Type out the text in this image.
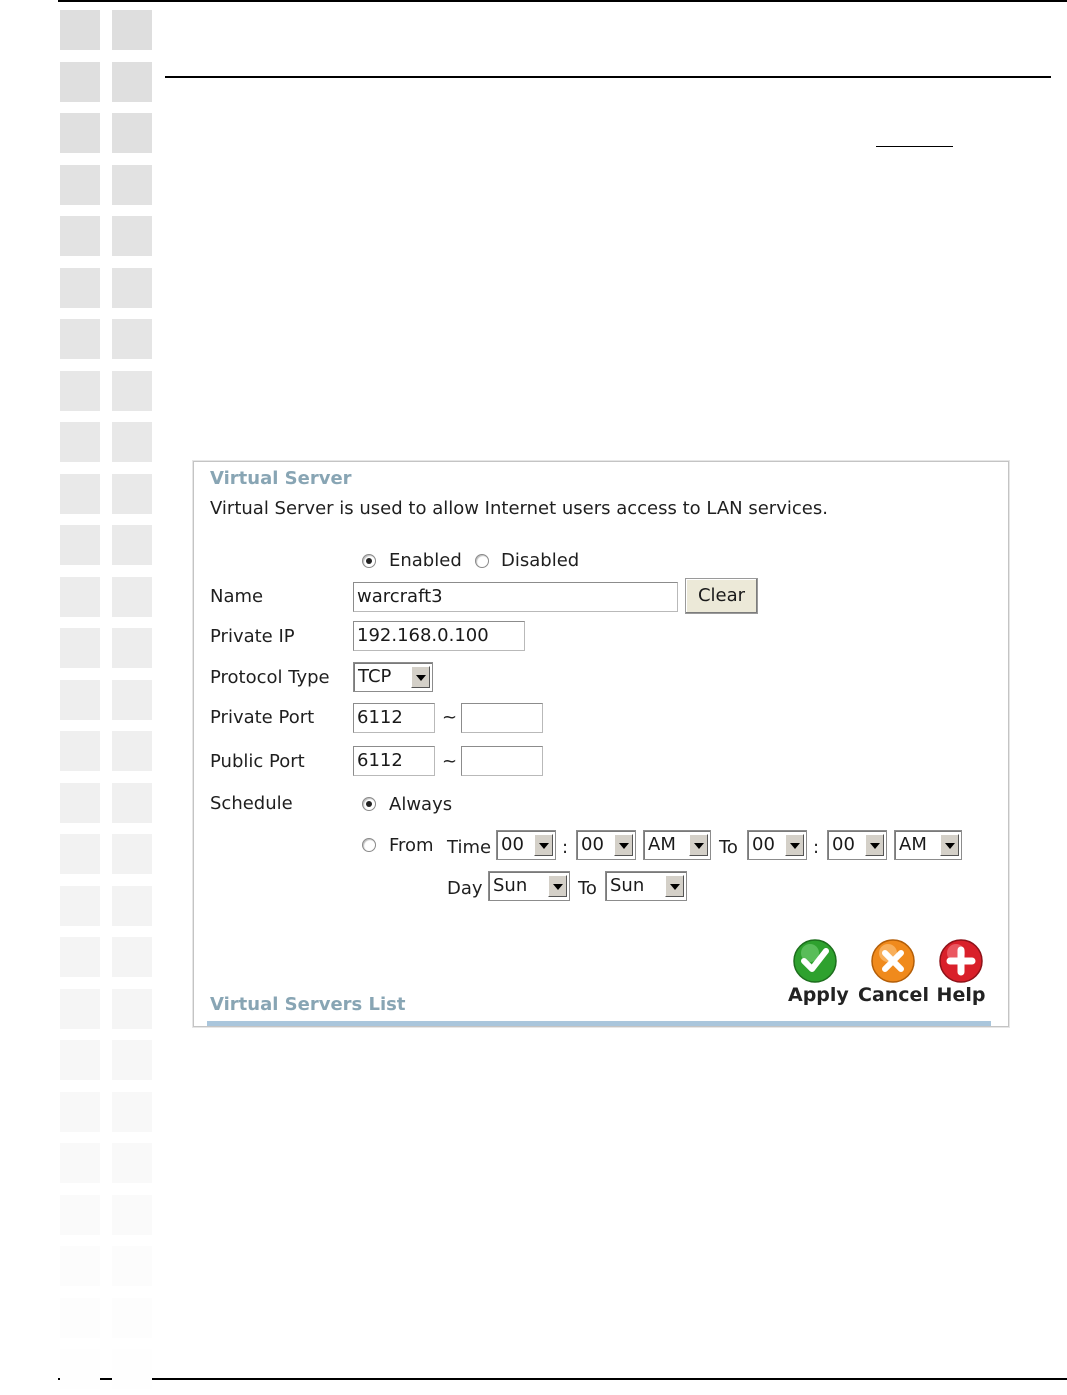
Virtual Server
Virtual Server is used to allow Internet users access to LAN services.
Enabled Disabled
Name	warcraft3	Clear
Private IP	192.168.0.100
Protocol Type TCP
Private Port 6112	~
Public Port	6112	~
Schedule	Always
From Time 00 : 00 AM To 00 : 00 AM
Day Sun	To Sun
Apply Cancel Help
Virtual Servers List
